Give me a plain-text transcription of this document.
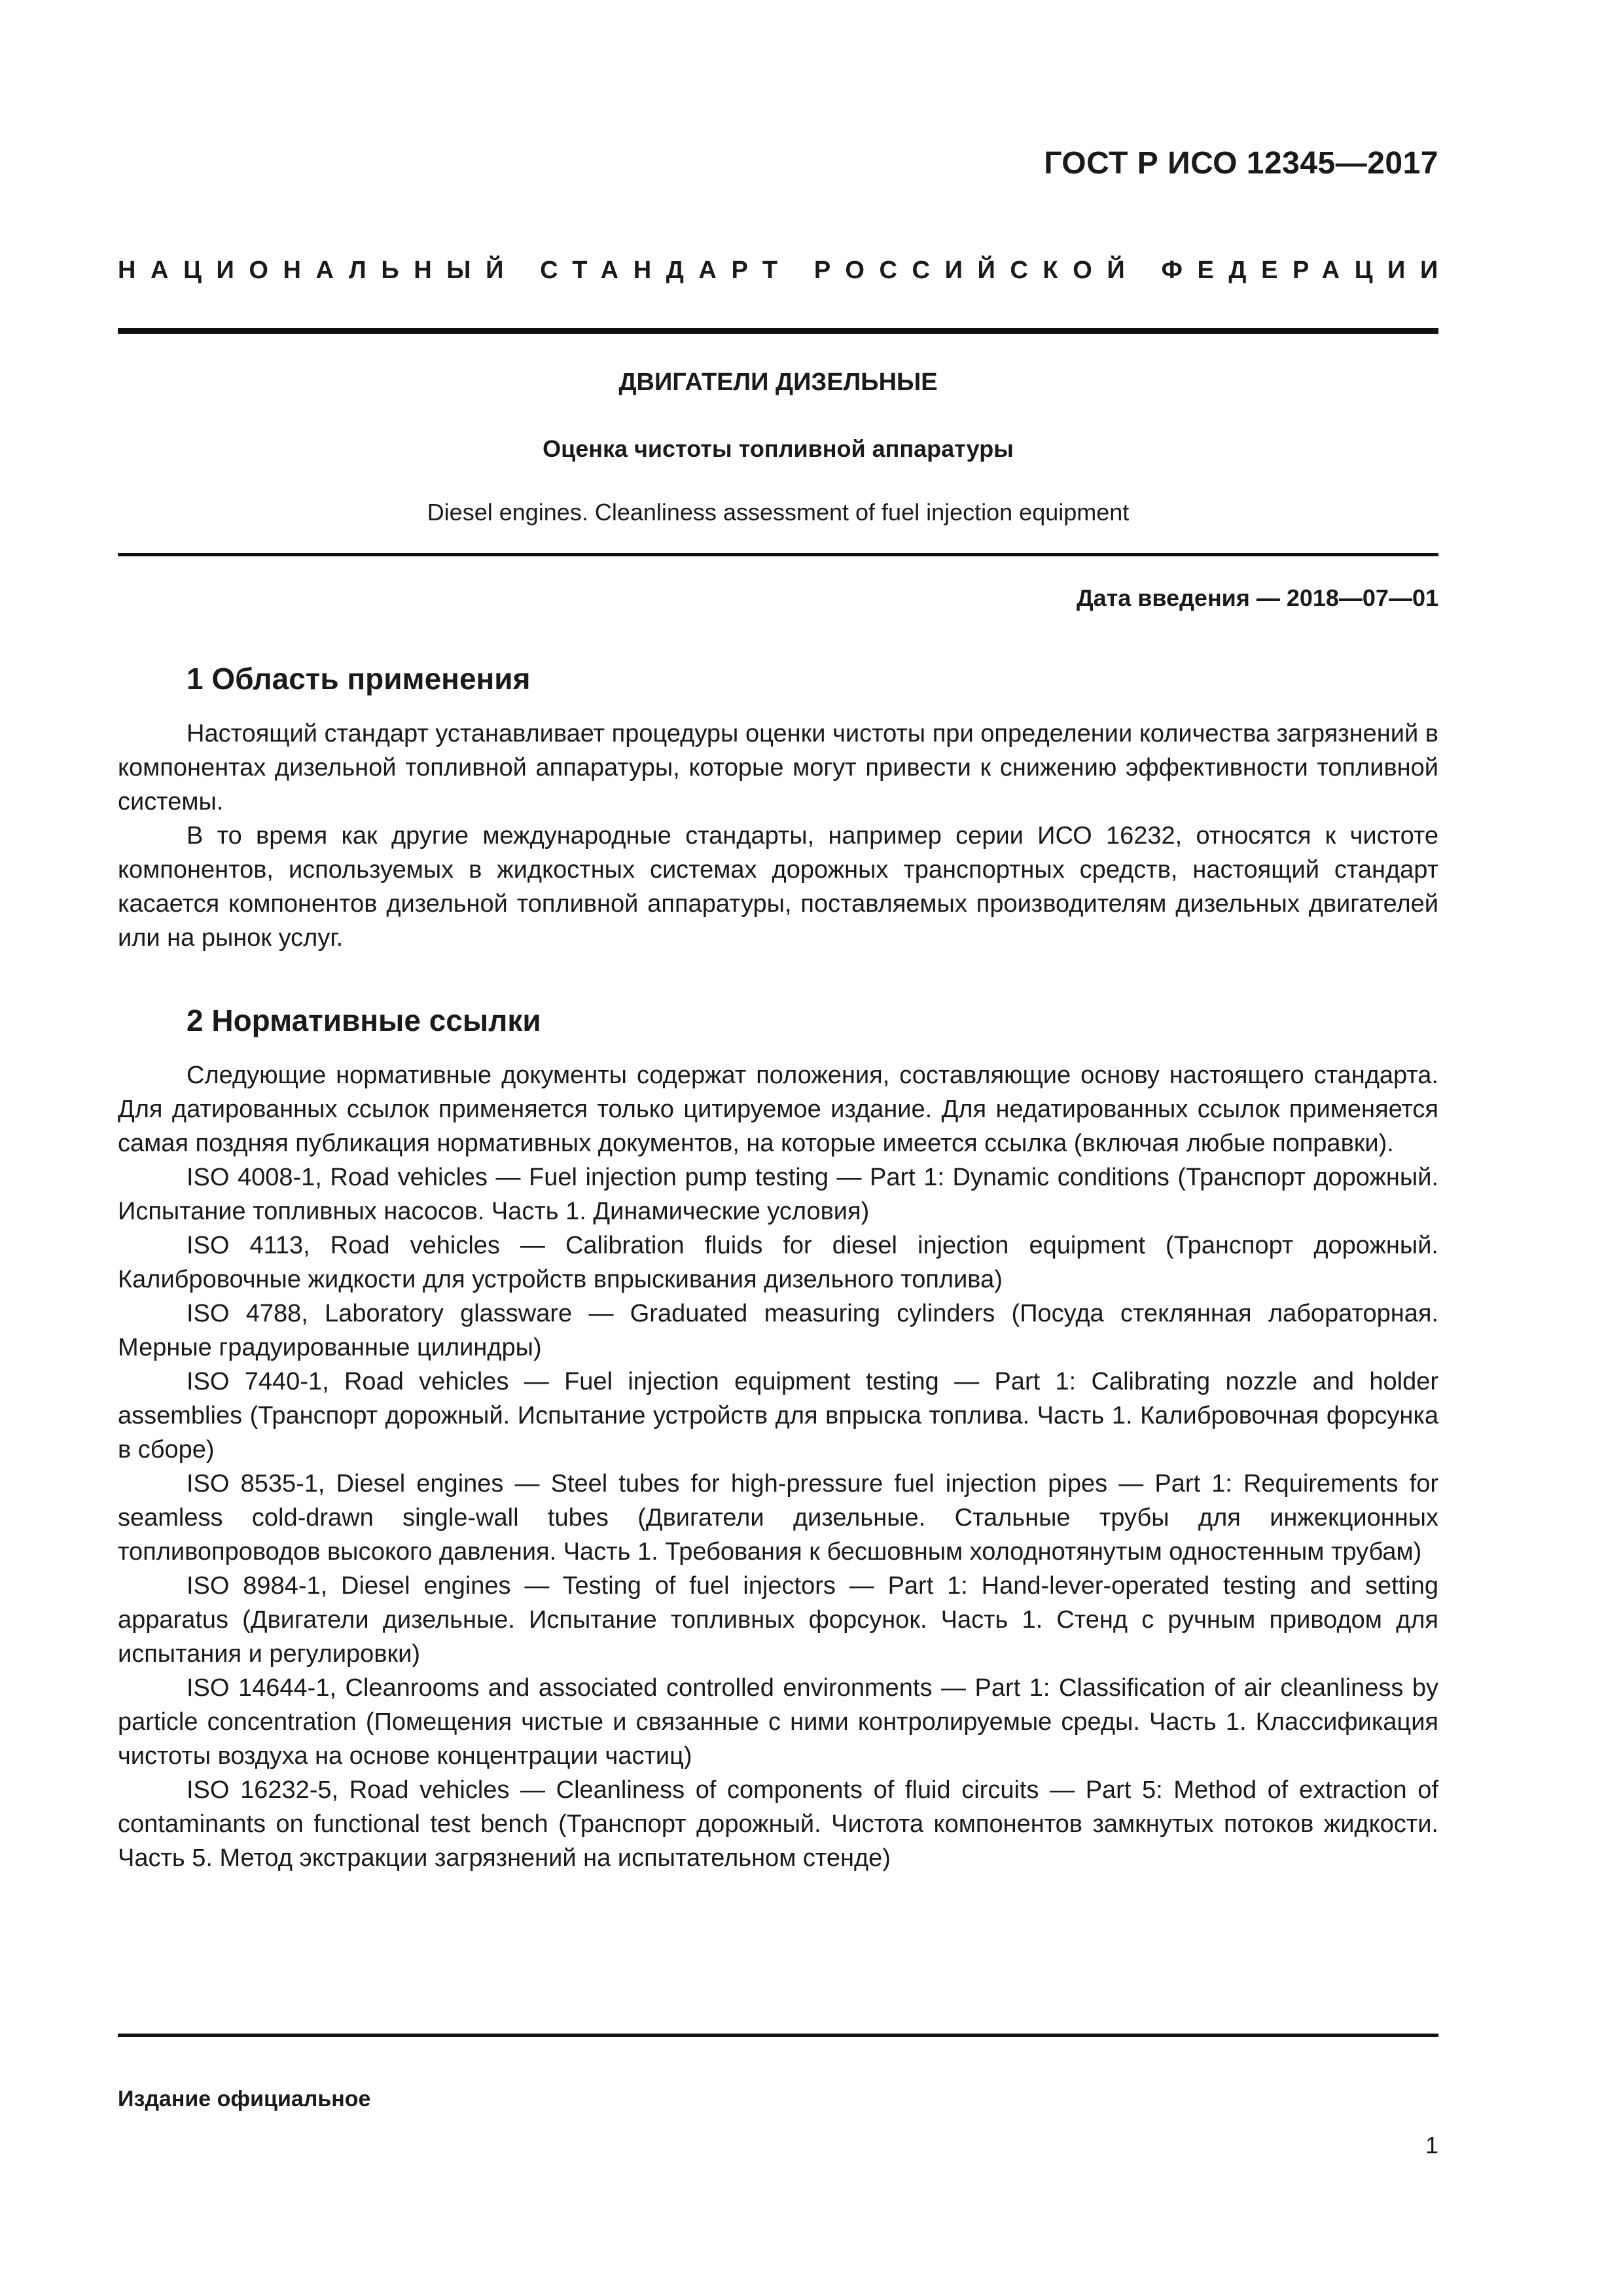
ГОСТ Р ИСО 12345—2017
НАЦИОНАЛЬНЫЙ СТАНДАРТ РОССИЙСКОЙ ФЕДЕРАЦИИ
ДВИГАТЕЛИ ДИЗЕЛЬНЫЕ
Оценка чистоты топливной аппаратуры
Diesel engines. Cleanliness assessment of fuel injection equipment
Дата введения — 2018—07—01
1 Область применения

Настоящий стандарт устанавливает процедуры оценки чистоты при определении количества загрязнений в компонентах дизельной топливной аппаратуры, которые могут привести к снижению эффективности топливной системы.

В то время как другие международные стандарты, например серии ИСО 16232, относятся к чистоте компонентов, используемых в жидкостных системах дорожных транспортных средств, настоящий стандарт касается компонентов дизельной топливной аппаратуры, поставляемых производителям дизельных двигателей или на рынок услуг.

2 Нормативные ссылки

Следующие нормативные документы содержат положения, составляющие основу настоящего стандарта. Для датированных ссылок применяется только цитируемое издание. Для недатированных ссылок применяется самая поздняя публикация нормативных документов, на которые имеется ссылка (включая любые поправки).

ISO 4008-1, Road vehicles — Fuel injection pump testing — Part 1: Dynamic conditions (Транспорт дорожный. Испытание топливных насосов. Часть 1. Динамические условия)

ISO 4113, Road vehicles — Calibration fluids for diesel injection equipment (Транспорт дорожный. Калибровочные жидкости для устройств впрыскивания дизельного топлива)

ISO 4788, Laboratory glassware — Graduated measuring cylinders (Посуда стеклянная лабораторная. Мерные градуированные цилиндры)

ISO 7440-1, Road vehicles — Fuel injection equipment testing — Part 1: Calibrating nozzle and holder assemblies (Транспорт дорожный. Испытание устройств для впрыска топлива. Часть 1. Калибровочная форсунка в сборе)

ISO 8535-1, Diesel engines — Steel tubes for high-pressure fuel injection pipes — Part 1: Requirements for seamless cold-drawn single-wall tubes (Двигатели дизельные. Стальные трубы для инжекционных топливопроводов высокого давления. Часть 1. Требования к бесшовным холоднотянутым одностенным трубам)

ISO 8984-1, Diesel engines — Testing of fuel injectors — Part 1: Hand-lever-operated testing and setting apparatus (Двигатели дизельные. Испытание топливных форсунок. Часть 1. Стенд с ручным приводом для испытания и регулировки)

ISO 14644-1, Cleanrooms and associated controlled environments — Part 1: Classification of air cleanliness by particle concentration (Помещения чистые и связанные с ними контролируемые среды. Часть 1. Классификация чистоты воздуха на основе концентрации частиц)

ISO 16232-5, Road vehicles — Cleanliness of components of fluid circuits — Part 5: Method of extraction of contaminants on functional test bench (Транспорт дорожный. Чистота компонентов замкнутых потоков жидкости. Часть 5. Метод экстракции загрязнений на испытательном стенде)

Издание официальное
1
